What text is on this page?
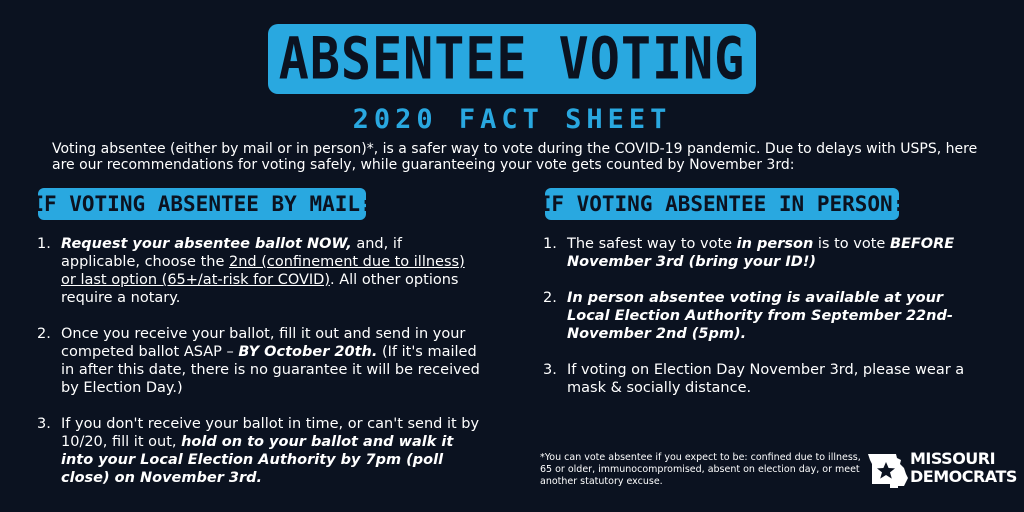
ABSENTEE VOTING
2020 FACT SHEET
Voting absentee (either by mail or in person)*, is a safer way to vote during the COVID-19 pandemic. Due to delays with USPS, here are our recommendations for voting safely, while guaranteeing your vote gets counted by November 3rd:
IF VOTING ABSENTEE BY MAIL:
1. Request your absentee ballot NOW, and, if applicable, choose the 2nd (confinement due to illness) or last option (65+/at-risk for COVID). All other options require a notary.
2. Once you receive your ballot, fill it out and send in your competed ballot ASAP – BY October 20th. (If it's mailed in after this date, there is no guarantee it will be received by Election Day.)
3. If you don't receive your ballot in time, or can't send it by 10/20, fill it out, hold on to your ballot and walk it into your Local Election Authority by 7pm (poll close) on November 3rd.
IF VOTING ABSENTEE IN PERSON:
1. The safest way to vote in person is to vote BEFORE November 3rd (bring your ID!)
2. In person absentee voting is available at your Local Election Authority from September 22nd-November 2nd (5pm).
3. If voting on Election Day November 3rd, please wear a mask & socially distance.
*You can vote absentee if you expect to be: confined due to illness, 65 or older, immunocompromised, absent on election day, or meet another statutory excuse.
MISSOURI
DEMOCRATS
